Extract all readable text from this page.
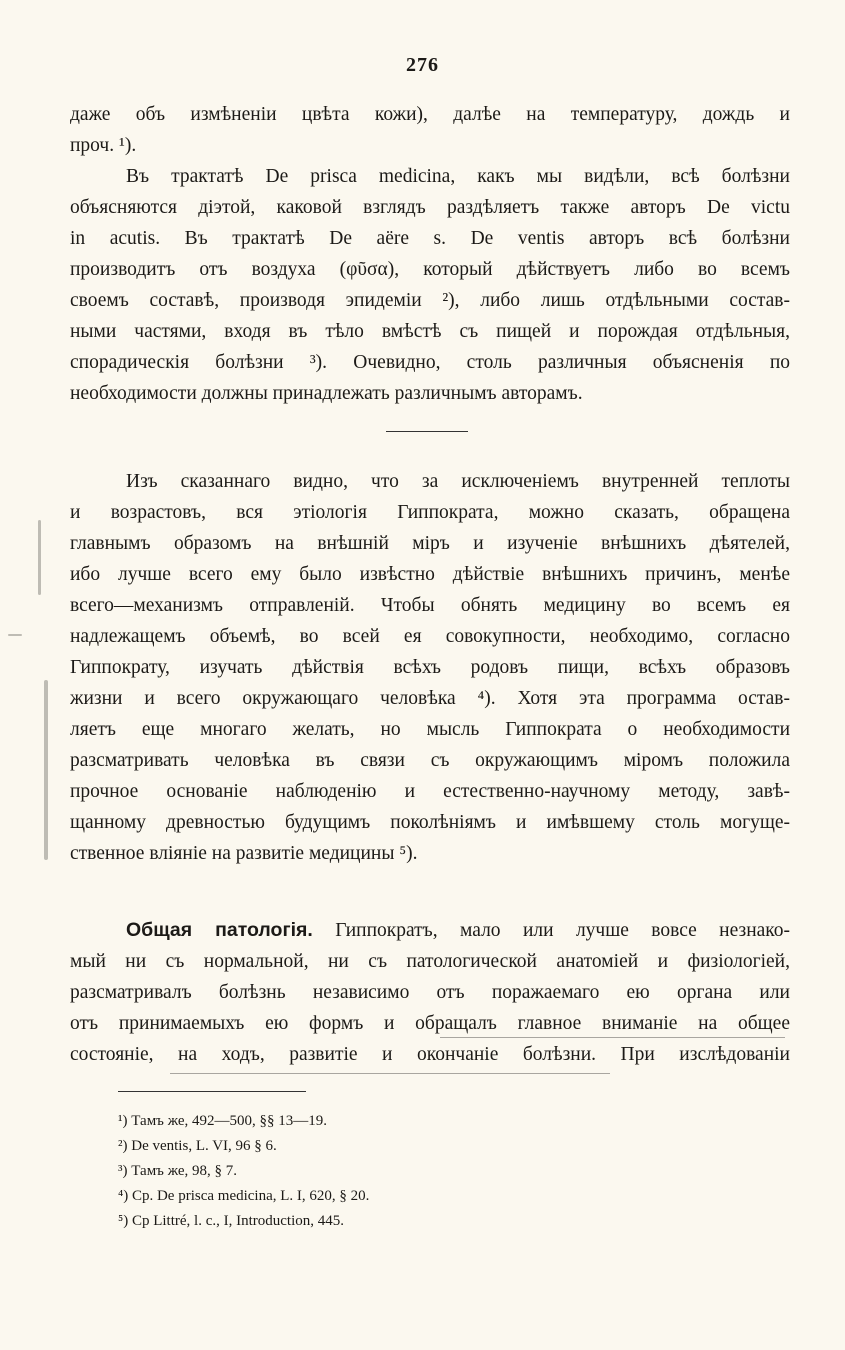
276
даже объ измѣненіи цвѣта кожи), далѣе на температуру, дождь и
проч. ¹).
Въ трактатѣ De prisca medicina, какъ мы видѣли, всѣ болѣзни
объясняются діэтой, каковой взглядъ раздѣляетъ также авторъ De victu
in acutis. Въ трактатѣ De aëre s. De ventis авторъ всѣ болѣзни
производитъ отъ воздуха (φῦσα), который дѣйствуетъ либо во всемъ
своемъ составѣ, производя эпидеміи ²), либо лишь отдѣльными состав-
ными частями, входя въ тѣло вмѣстѣ съ пищей и порождая отдѣльныя,
спорадическія болѣзни ³). Очевидно, столь различныя объясненія по
необходимости должны принадлежать различнымъ авторамъ.
Изъ сказаннаго видно, что за исключеніемъ внутренней теплоты
и возрастовъ, вся этіологія Гиппократа, можно сказать, обращена
главнымъ образомъ на внѣшній міръ и изученіе внѣшнихъ дѣятелей,
ибо лучше всего ему было извѣстно дѣйствіе внѣшнихъ причинъ, менѣе
всего—механизмъ отправленій. Чтобы обнять медицину во всемъ ея
надлежащемъ объемѣ, во всей ея совокупности, необходимо, согласно
Гиппократу, изучать дѣйствія всѣхъ родовъ пищи, всѣхъ образовъ
жизни и всего окружающаго человѣка ⁴). Хотя эта программа остав-
ляетъ еще многаго желать, но мысль Гиппократа о необходимости
разсматривать человѣка въ связи съ окружающимъ міромъ положила
прочное основаніе наблюденію и естественно-научному методу, завѣ-
щанному древностью будущимъ поколѣніямъ и имѣвшему столь могуще-
ственное вліяніе на развитіе медицины ⁵).
Общая патологія. Гиппократъ, мало или лучше вовсе незнако-
мый ни съ нормальной, ни съ патологической анатоміей и физіологіей,
разсматривалъ болѣзнь независимо отъ поражаемаго ею органа или
отъ принимаемыхъ ею формъ и обращалъ главное вниманіе на общее
состояніе, на ходъ, развитіе и окончаніе болѣзни. При изслѣдованіи
¹) Тамъ же, 492—500, §§ 13—19.
²) De ventis, L. VI, 96 § 6.
³) Тамъ же, 98, § 7.
⁴) Ср. De prisca medicina, L. I, 620, § 20.
⁵) Ср Littré, l. c., I, Introduction, 445.
